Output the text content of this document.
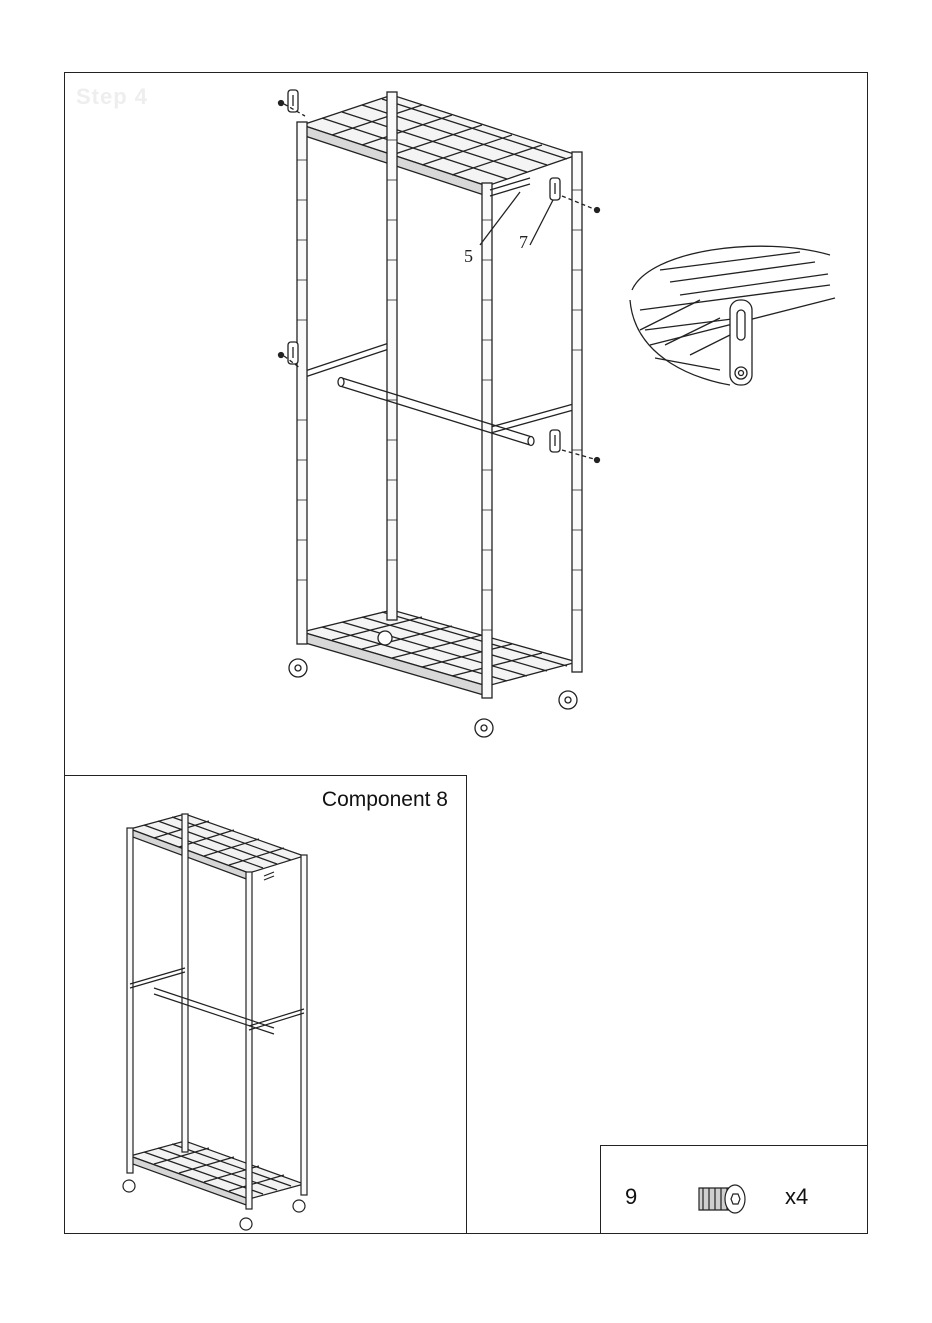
Step 4
5
7
Component 8
9	x4
